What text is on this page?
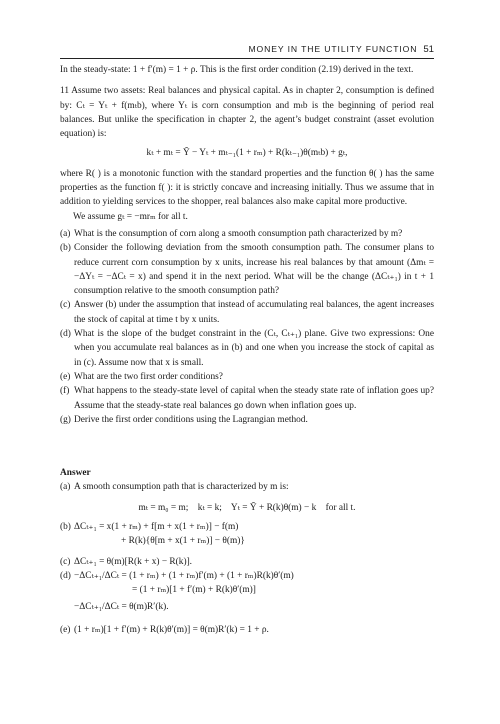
MONEY IN THE UTILITY FUNCTION 51

In the steady-state: 1 + f′(m) = 1 + ρ. This is the first order condition (2.19) derived in the text.

11 Assume two assets: Real balances and physical capital. As in chapter 2, consumption is defined by: Cₜ = Yₜ + f(mₜb), where Yₜ is corn consumption and mₜb is the beginning of period real balances. But unlike the specification in chapter 2, the agent’s budget constraint (asset evolution equation) is:

kₜ + mₜ = Ỹ − Yₜ + mₜ₋₁(1 + rₘ) + R(kₜ₋₁)θ(mₜb) + gₜ,

where R( ) is a monotonic function with the standard properties and the function θ( ) has the same properties as the function f( ): it is strictly concave and increasing initially. Thus we assume that in addition to yielding services to the shopper, real balances also make capital more productive.

We assume gₜ = −mrₘ for all t.

(a) What is the consumption of corn along a smooth consumption path characterized by m?
(b) Consider the following deviation from the smooth consumption path. The consumer plans to reduce current corn consumption by x units, increase his real balances by that amount (Δmₜ = −ΔYₜ = −ΔCₜ = x) and spend it in the next period. What will be the change (ΔCₜ₊₁) in t + 1 consumption relative to the smooth consumption path?
(c) Answer (b) under the assumption that instead of accumulating real balances, the agent increases the stock of capital at time t by x units.
(d) What is the slope of the budget constraint in the (Cₜ, Cₜ₊₁) plane. Give two expressions: One when you accumulate real balances as in (b) and one when you increase the stock of capital as in (c). Assume now that x is small.
(e) What are the two first order conditions?
(f) What happens to the steady-state level of capital when the steady state rate of inflation goes up? Assume that the steady-state real balances go down when inflation goes up.
(g) Derive the first order conditions using the Lagrangian method.

Answer

(a) A smooth consumption path that is characterized by m is:

mₜ = m₀ = m;    kₜ = k;    Yₜ = Ỹ + R(k)θ(m) − k    for all t.

(b) ΔCₜ₊₁ = x(1 + rₘ) + f[m + x(1 + rₘ)] − f(m)
+ R(k){θ[m + x(1 + rₘ)] − θ(m)}
(c) ΔCₜ₊₁ = θ(m)[R(k + x) − R(k)].
(d) −ΔCₜ₊₁/ΔCₜ = (1 + rₘ) + (1 + rₘ)f′(m) + (1 + rₘ)R(k)θ′(m)
= (1 + rₘ)[1 + f′(m) + R(k)θ′(m)]
−ΔCₜ₊₁/ΔCₜ = θ(m)R′(k).
(e) (1 + rₘ)[1 + f′(m) + R(k)θ′(m)] = θ(m)R′(k) = 1 + ρ.
